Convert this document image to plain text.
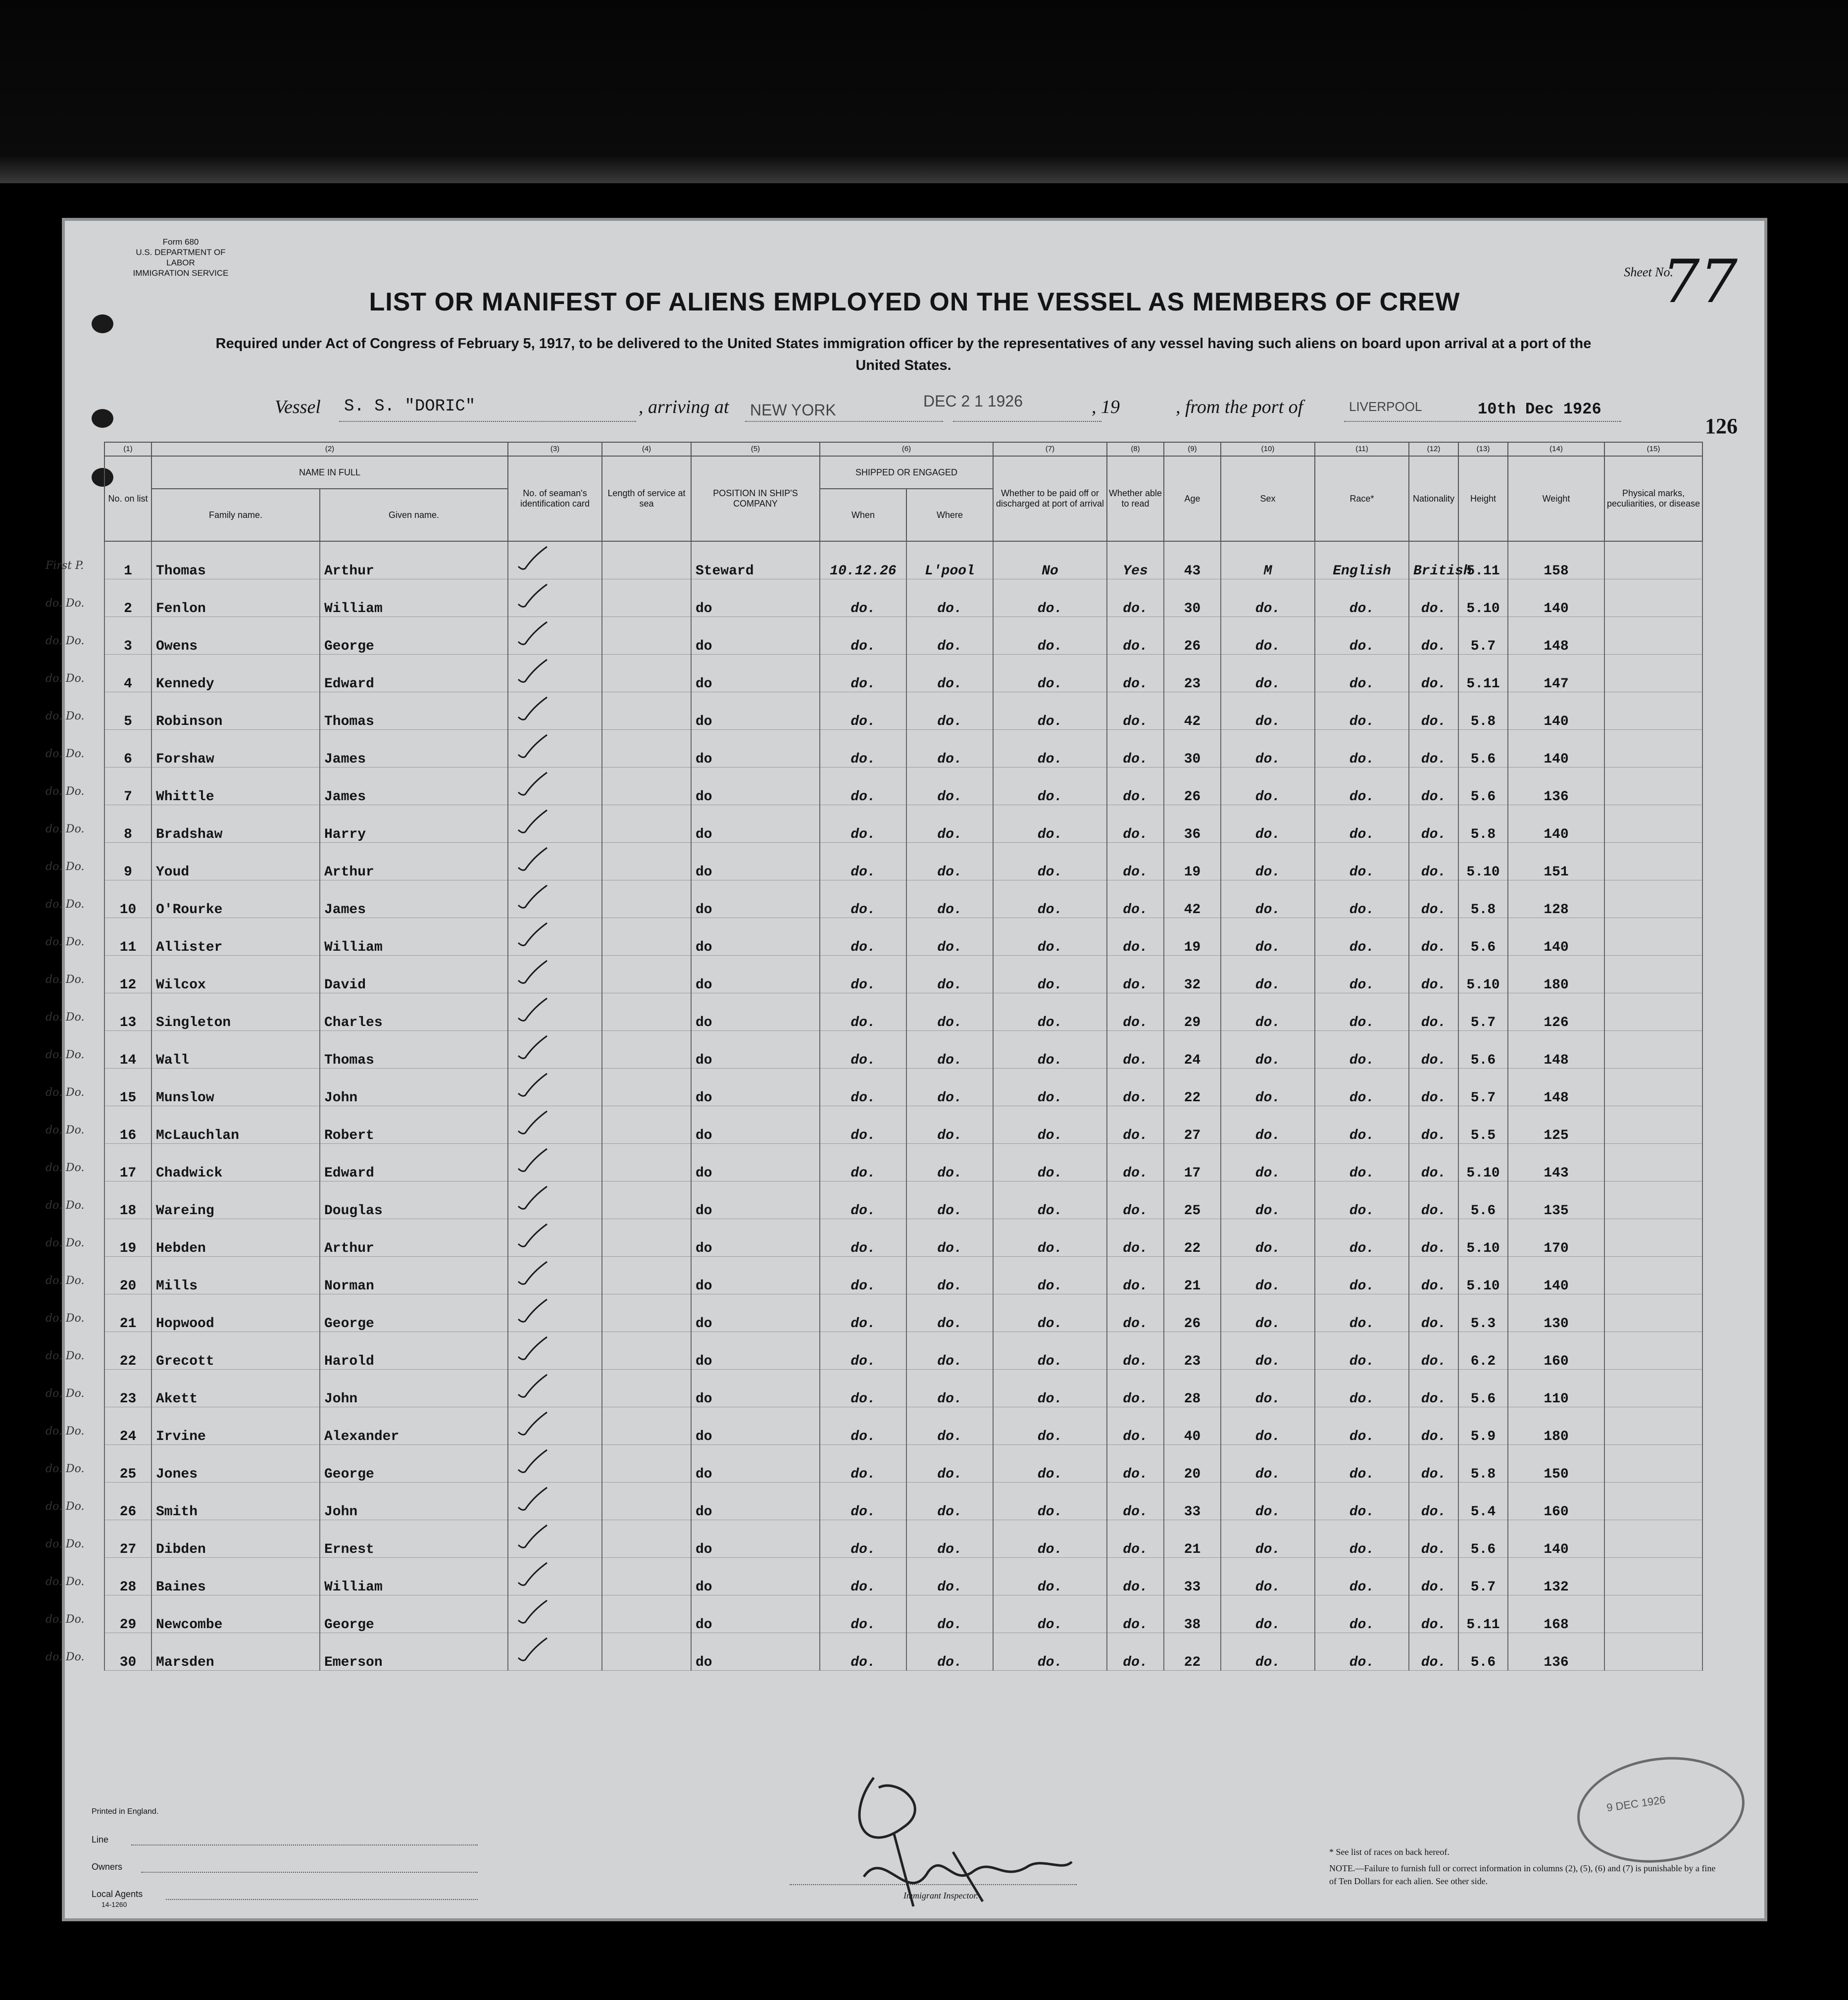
Form 680
U.S. DEPARTMENT OF LABOR
IMMIGRATION SERVICE	Sheet No.
77
LIST OR MANIFEST OF ALIENS EMPLOYED ON THE VESSEL AS MEMBERS OF CREW
Required under Act of Congress of February 5, 1917, to be delivered to the United States immigration officer by the representatives of any vessel having such aliens on board upon arrival at a port of the United States.
Vessel S. S. "DORIC"	, arriving at NEW YORK	DEC 2 1 1926	, 19	, from the port of	LIVERPOOL	10th Dec 1926
126
(1)	(2)		(3)	(4)	(5)	(6)		(7)	(8)	(9)	(10)	(11)	(12)	(13)	(14)	(15)
No. on list	NAME IN FULL		No. of seaman's identification card	Length of service at sea	POSITION IN SHIP'S COMPANY	SHIPPED OR ENGAGED		Whether to be paid off or discharged at port of arrival	Whether able to read	Age	Sex	Race*	Nationality	Height	Weight	Physical marks, peculiarities, or disease
	Family name.	Given name.				When	Where									

First P. 1	Thomas	Arthur			Steward	10.12.26	L'pool	No	Yes	43	M	English	British	5.11	158	

do. Do. 2	Fenlon	William			do	do.	do.	do.	do.	30	do.	do.	do.	5.10	140	

do. Do. 3	Owens	George			do	do.	do.	do.	do.	26	do.	do.	do.	5.7	148	

do. Do. 4	Kennedy	Edward			do	do.	do.	do.	do.	23	do.	do.	do.	5.11	147	

do. Do. 5	Robinson	Thomas			do	do.	do.	do.	do.	42	do.	do.	do.	5.8	140	

do. Do. 6	Forshaw	James			do	do.	do.	do.	do.	30	do.	do.	do.	5.6	140	

do. Do. 7	Whittle	James			do	do.	do.	do.	do.	26	do.	do.	do.	5.6	136	

do. Do. 8	Bradshaw	Harry			do	do.	do.	do.	do.	36	do.	do.	do.	5.8	140	

do. Do. 9	Youd	Arthur			do	do.	do.	do.	do.	19	do.	do.	do.	5.10	151	

do. Do. 10	O'Rourke	James			do	do.	do.	do.	do.	42	do.	do.	do.	5.8	128	

do. Do. 11	Allister	William			do	do.	do.	do.	do.	19	do.	do.	do.	5.6	140	

do. Do. 12	Wilcox	David			do	do.	do.	do.	do.	32	do.	do.	do.	5.10	180	

do. Do. 13	Singleton	Charles			do	do.	do.	do.	do.	29	do.	do.	do.	5.7	126	

do. Do. 14	Wall	Thomas			do	do.	do.	do.	do.	24	do.	do.	do.	5.6	148	

do. Do. 15	Munslow	John			do	do.	do.	do.	do.	22	do.	do.	do.	5.7	148	

do. Do. 16	McLauchlan	Robert			do	do.	do.	do.	do.	27	do.	do.	do.	5.5	125	

do. Do. 17	Chadwick	Edward			do	do.	do.	do.	do.	17	do.	do.	do.	5.10	143	

do. Do. 18	Wareing	Douglas			do	do.	do.	do.	do.	25	do.	do.	do.	5.6	135	

do. Do. 19	Hebden	Arthur			do	do.	do.	do.	do.	22	do.	do.	do.	5.10	170	

do. Do. 20	Mills	Norman			do	do.	do.	do.	do.	21	do.	do.	do.	5.10	140	

do. Do. 21	Hopwood	George			do	do.	do.	do.	do.	26	do.	do.	do.	5.3	130	

do. Do. 22	Grecott	Harold			do	do.	do.	do.	do.	23	do.	do.	do.	6.2	160	

do. Do. 23	Akett	John			do	do.	do.	do.	do.	28	do.	do.	do.	5.6	110	

do. Do. 24	Irvine	Alexander			do	do.	do.	do.	do.	40	do.	do.	do.	5.9	180	

do. Do. 25	Jones	George			do	do.	do.	do.	do.	20	do.	do.	do.	5.8	150	

do. Do. 26	Smith	John			do	do.	do.	do.	do.	33	do.	do.	do.	5.4	160	

do. Do. 27	Dibden	Ernest			do	do.	do.	do.	do.	21	do.	do.	do.	5.6	140	

do. Do. 28	Baines	William			do	do.	do.	do.	do.	33	do.	do.	do.	5.7	132	

do. Do. 29	Newcombe	George			do	do.	do.	do.	do.	38	do.	do.	do.	5.11	168	

do. Do. 30	Marsden	Emerson			do	do.	do.	do.	do.	22	do.	do.	do.	5.6	136	
Printed in England.
Line
Owners
Local Agents
14-1260
Immigrant Inspector.
9 DEC 1926
* See list of races on back hereof.
NOTE.—Failure to furnish full or correct information in columns (2), (5), (6) and (7) is punishable by a fine of Ten Dollars for each alien. See other side.
